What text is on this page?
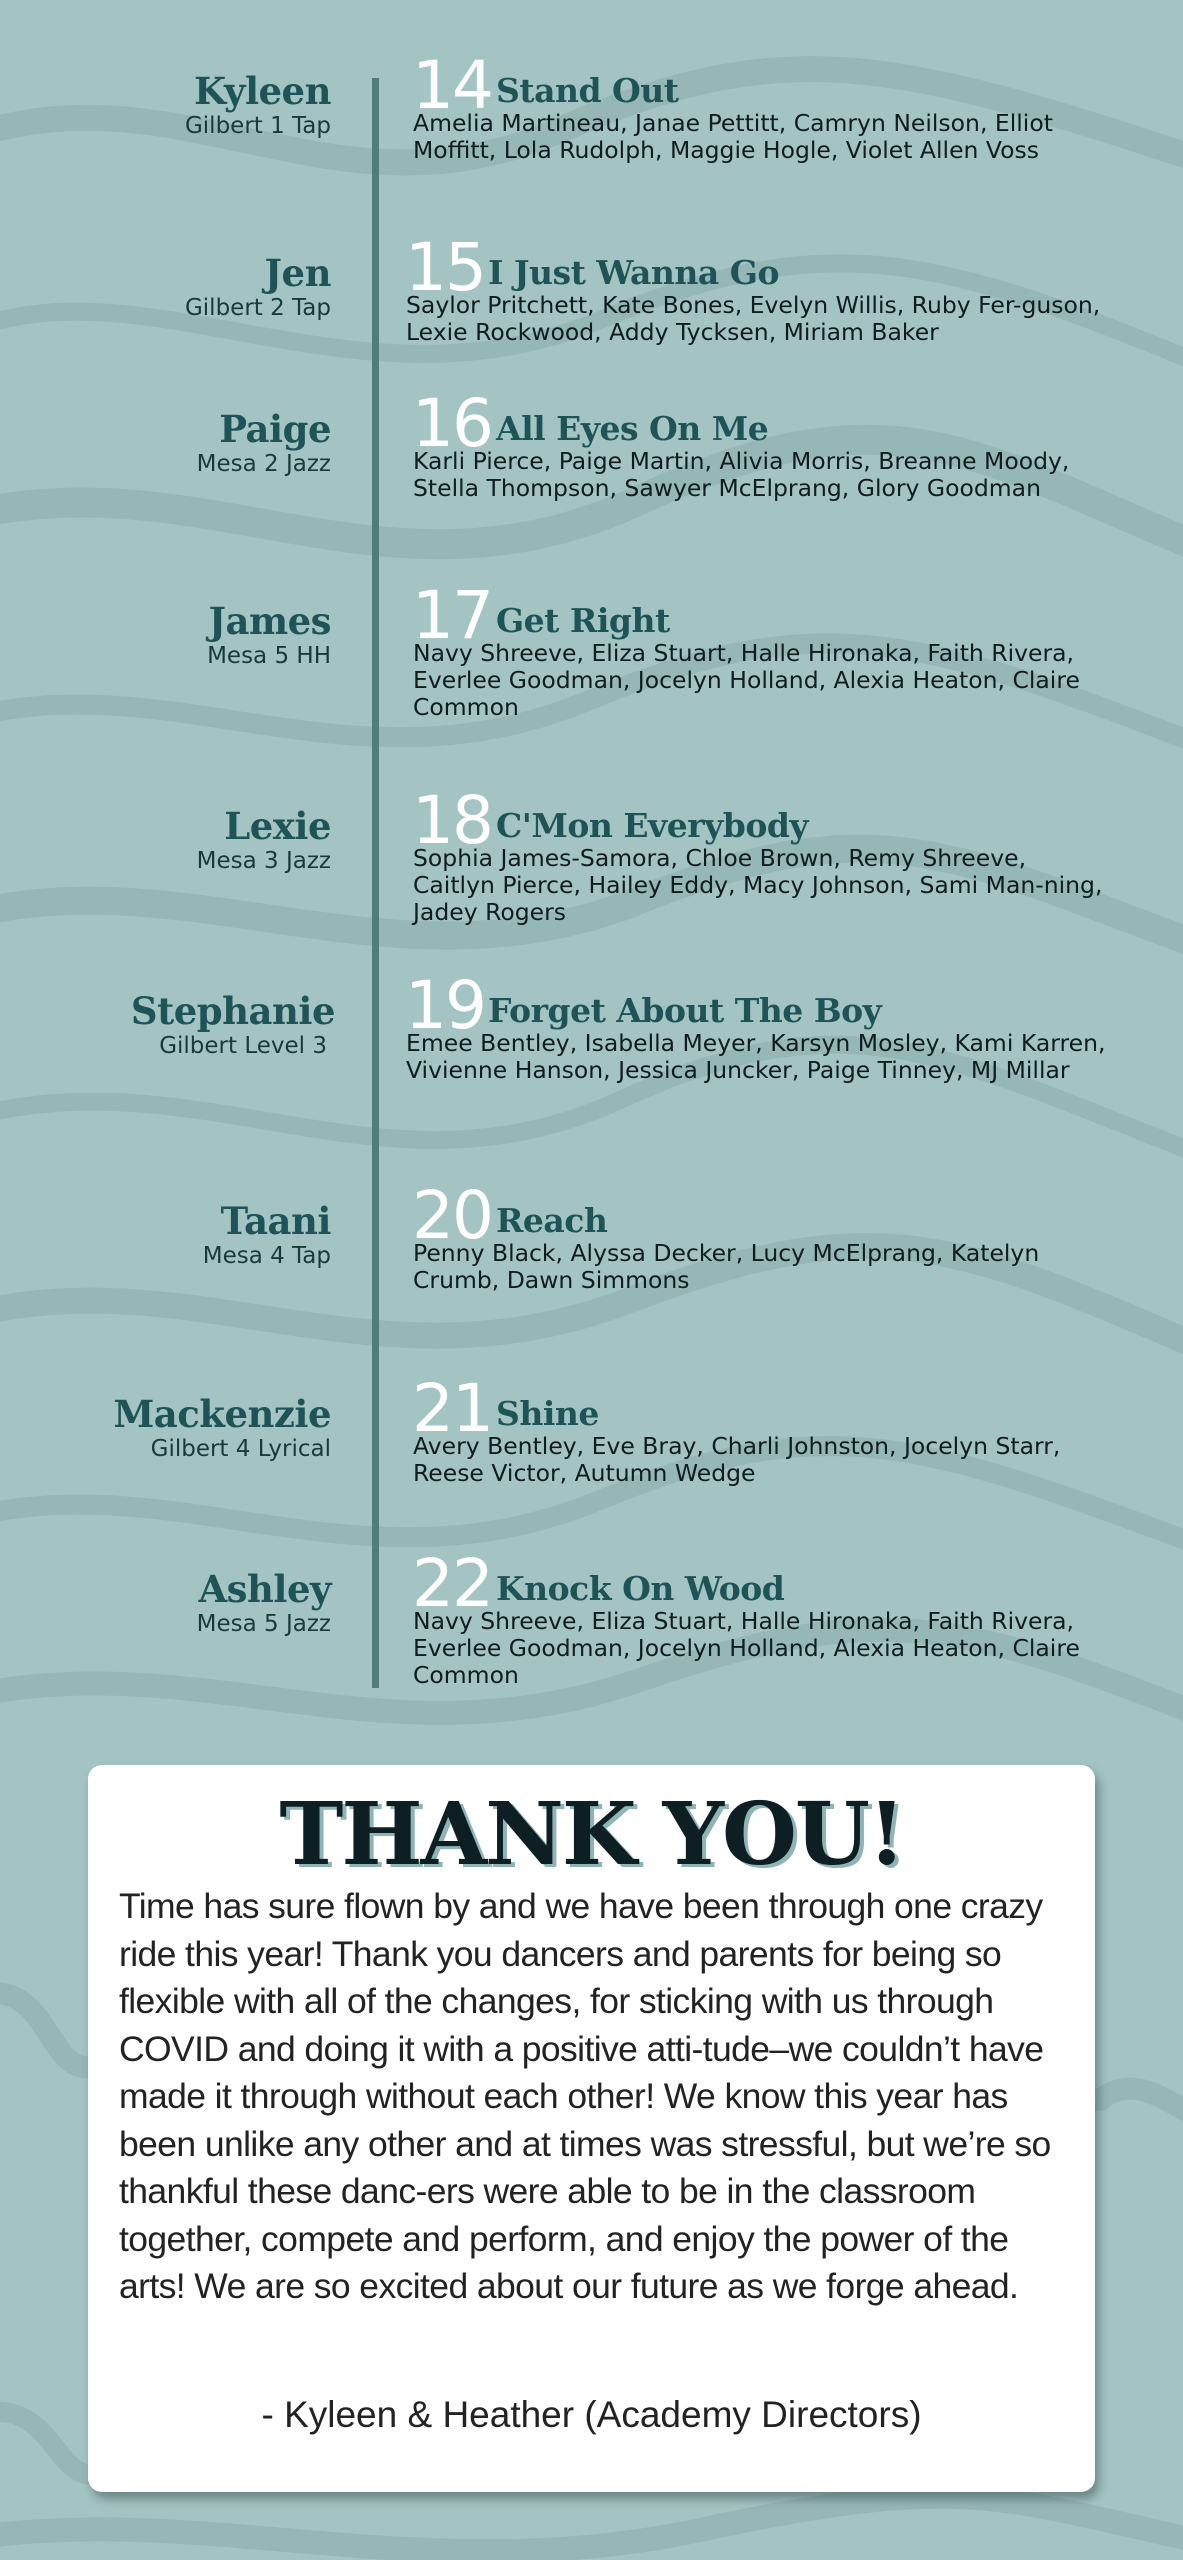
Kyleen
Gilbert 1 Tap
14 Stand Out
Amelia Martineau, Janae Pettitt, Camryn Neilson, Elliot Moffitt, Lola Rudolph, Maggie Hogle, Violet Allen Voss
Jen
Gilbert 2 Tap
15 I Just Wanna Go
Saylor Pritchett, Kate Bones, Evelyn Willis, Ruby Fer-guson, Lexie Rockwood, Addy Tycksen, Miriam Baker
Paige
Mesa 2 Jazz
16 All Eyes On Me
Karli Pierce, Paige Martin, Alivia Morris, Breanne Moody, Stella Thompson, Sawyer McElprang, Glory Goodman
James
Mesa 5 HH
17 Get Right
Navy Shreeve, Eliza Stuart, Halle Hironaka, Faith Rivera, Everlee Goodman, Jocelyn Holland, Alexia Heaton, Claire Common
Lexie
Mesa 3 Jazz
18 C'Mon Everybody
Sophia James-Samora, Chloe Brown, Remy Shreeve, Caitlyn Pierce, Hailey Eddy, Macy Johnson, Sami Man-ning, Jadey Rogers
Stephanie
Gilbert Level 3
19 Forget About The Boy
Emee Bentley, Isabella Meyer, Karsyn Mosley, Kami Karren, Vivienne Hanson, Jessica Juncker, Paige Tinney, MJ Millar
Taani
Mesa 4 Tap
20 Reach
Penny Black, Alyssa Decker, Lucy McElprang, Katelyn Crumb, Dawn Simmons
Mackenzie
Gilbert 4 Lyrical
21 Shine
Avery Bentley, Eve Bray, Charli Johnston, Jocelyn Starr, Reese Victor, Autumn Wedge
Ashley
Mesa 5 Jazz
22 Knock On Wood
Navy Shreeve, Eliza Stuart, Halle Hironaka, Faith Rivera, Everlee Goodman, Jocelyn Holland, Alexia Heaton, Claire Common
THANK YOU!
Time has sure flown by and we have been through one crazy ride this year! Thank you dancers and parents for being so flexible with all of the changes, for sticking with us through COVID and doing it with a positive atti-tude–we couldn’t have made it through without each other! We know this year has been unlike any other and at times was stressful, but we’re so thankful these danc-ers were able to be in the classroom together, compete and perform, and enjoy the power of the arts! We are so excited about our future as we forge ahead.
- Kyleen & Heather (Academy Directors)
